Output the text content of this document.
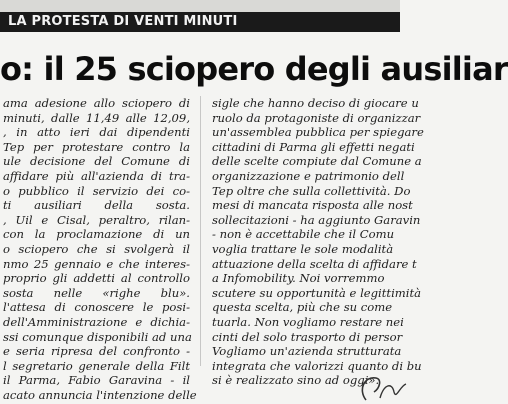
LA PROTESTA DI VENTI MINUTI
o: il 25 sciopero degli ausiliar
ama adesione allo sciopero di
minuti, dalle 11,49 alle 12,09,
, in atto ieri dai dipendenti
Tep per protestare contro la
ule decisione del Comune di
affidare più all'azienda di tra-
o pubblico il servizio dei co-
ti ausiliari della sosta.
, Uil e Cisal, peraltro, rilan-
con la proclamazione di un
o sciopero che si svolgerà il
nmo 25 gennaio e che interes-
proprio gli addetti al controllo
sosta nelle «righe blu».
l'attesa di conoscere le posi-
dell'Amministrazione e dichia-
ssi comunque disponibili ad una
e seria ripresa del confronto -
l segretario generale della Filt
il Parma, Fabio Garavina - il
acato annuncia l'intenzione delle
sigle che hanno deciso di giocare u
ruolo da protagoniste di organizzar
un'assemblea pubblica per spiegare
cittadini di Parma gli effetti negati
delle scelte compiute dal Comune a
organizzazione e patrimonio dell
Tep oltre che sulla collettività. Do
mesi di mancata risposta alle nost
sollecitazioni - ha aggiunto Garavin
- non è accettabile che il Comu
voglia trattare le sole modalità
attuazione della scelta di affidare t
a Infomobility. Noi vorremmo
scutere su opportunità e legittimità
questa scelta, più che su come
tuarla. Non vogliamo restare nei
cinti del solo trasporto di persor
Vogliamo un'azienda strutturata
integrata che valorizzi quanto di bu
si è realizzato sino ad oggi».
